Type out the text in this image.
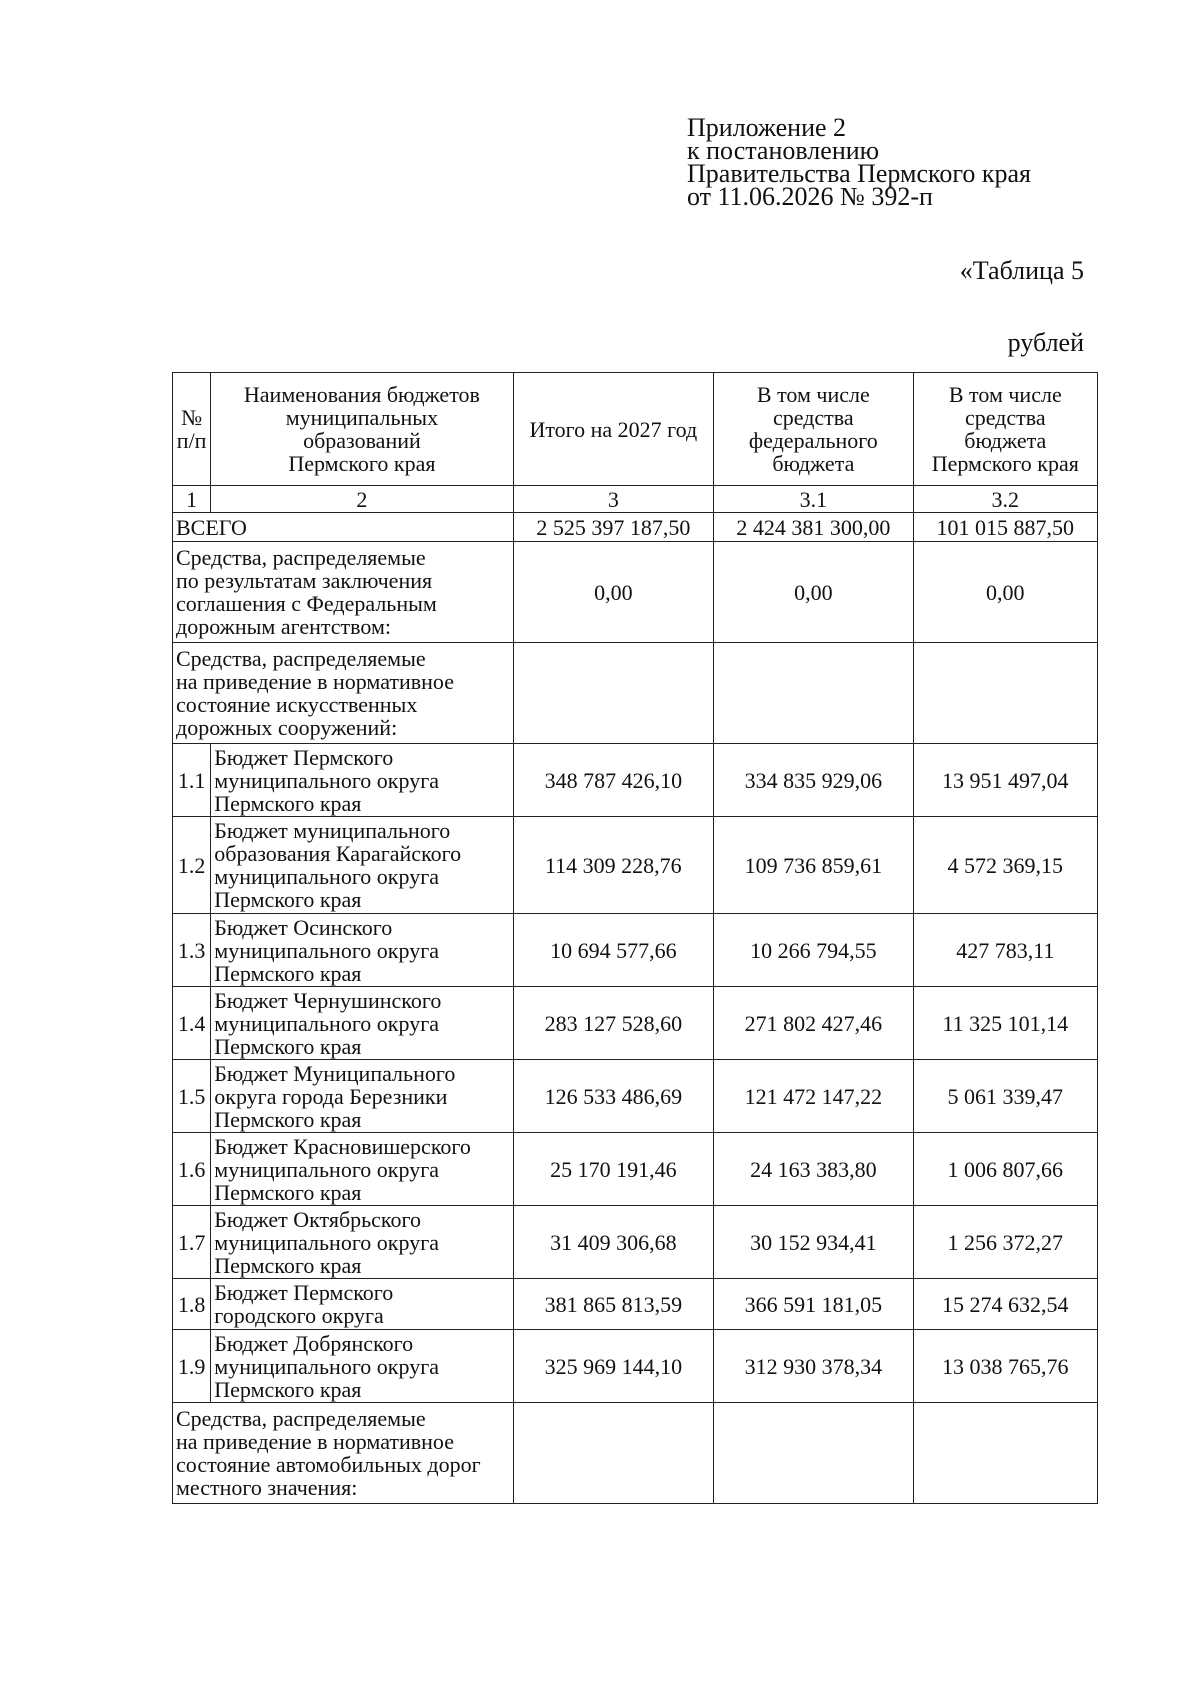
Приложение 2
к постановлению
Правительства Пермского края
от 11.06.2026 № 392-п
«Таблица 5
рублей
№
п/п	Наименования бюджетов
муниципальных
образований
Пермского края	Итого на 2027 год	В том числе
средства
федерального
бюджета	В том числе
средства
бюджета
Пермского края

1	2	3	3.1	3.2
ВСЕГО		2 525 397 187,50	2 424 381 300,00	101 015 887,50

Средства, распределяемые
по результатам заключения
соглашения с Федеральным
дорожным агентством:		0,00	0,00	0,00

Средства, распределяемые
на приведение в нормативное
состояние искусственных
дорожных сооружений:				

1.1	Бюджет Пермского
муниципального округа
Пермского края	348 787 426,10	334 835 929,06	13 951 497,04
1.2	Бюджет муниципального
образования Карагайского
муниципального округа
Пермского края	114 309 228,76	109 736 859,61	4 572 369,15
1.3	Бюджет Осинского
муниципального округа
Пермского края	10 694 577,66	10 266 794,55	427 783,11
1.4	Бюджет Чернушинского
муниципального округа
Пермского края	283 127 528,60	271 802 427,46	11 325 101,14
1.5	Бюджет Муниципального
округа города Березники
Пермского края	126 533 486,69	121 472 147,22	5 061 339,47
1.6	Бюджет Красновишерского
муниципального округа
Пермского края	25 170 191,46	24 163 383,80	1 006 807,66
1.7	Бюджет Октябрьского
муниципального округа
Пермского края	31 409 306,68	30 152 934,41	1 256 372,27
1.8	Бюджет Пермского
городского округа	381 865 813,59	366 591 181,05	15 274 632,54
1.9	Бюджет Добрянского
муниципального округа
Пермского края	325 969 144,10	312 930 378,34	13 038 765,76

Средства, распределяемые
на приведение в нормативное
состояние автомобильных дорог
местного значения:				
